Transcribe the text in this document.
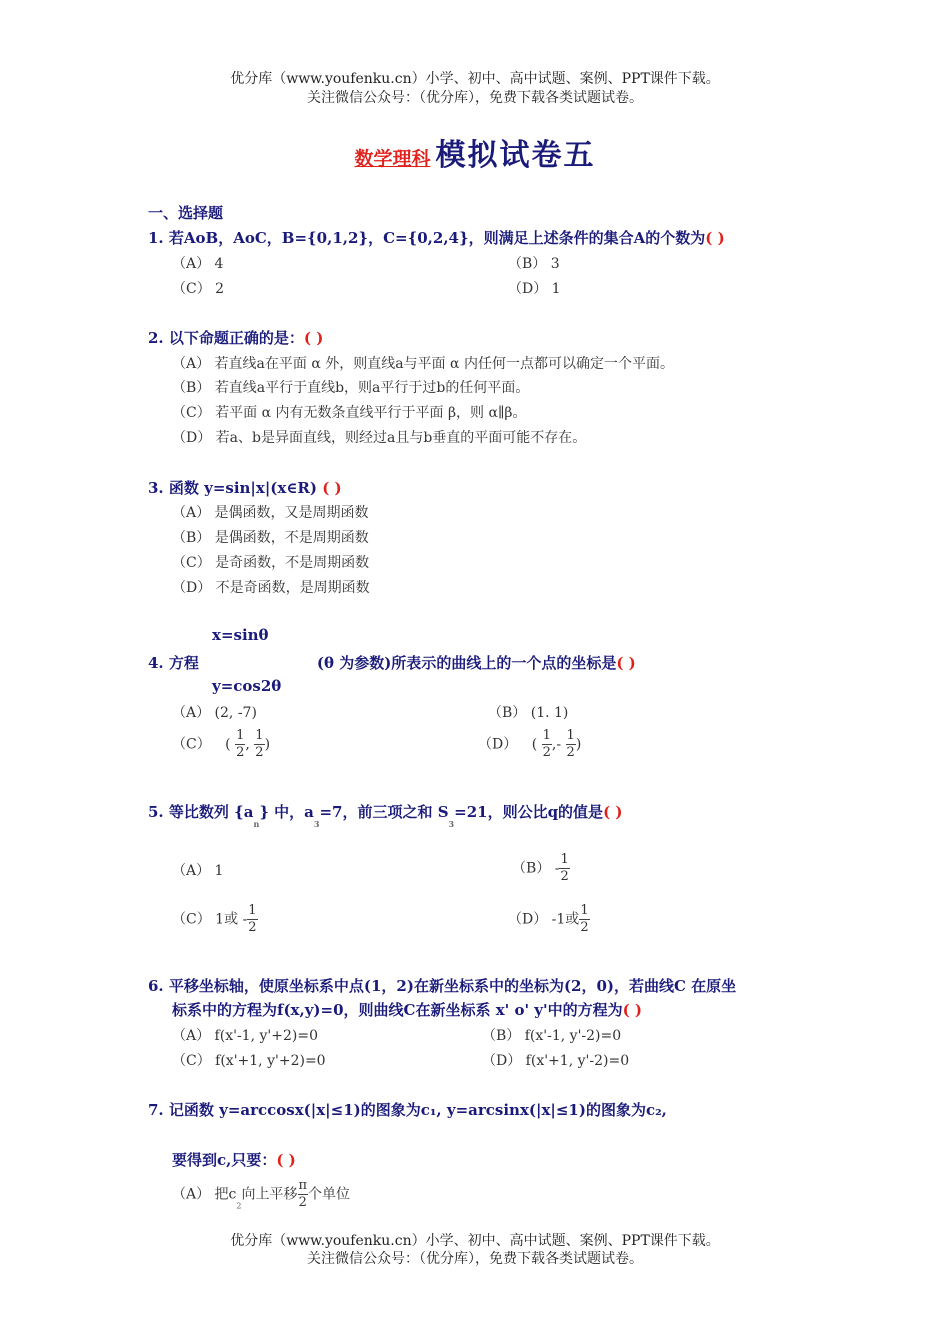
优分库（www.youfenku.cn）小学、初中、高中试题、案例、PPT课件下载。
关注微信公众号：（优分库），免费下载各类试题试卷。
数学理科 模拟试卷五
一、选择题
1. 若AoB，AoC，B={0,1,2}，C={0,2,4}，则满足上述条件的集合A的个数为( )
（A） 4	（B） 3
（C） 2	（D） 1
2. 以下命题正确的是：( )
（A） 若直线a在平面 α 外，则直线a与平面 α 内任何一点都可以确定一个平面。
（B） 若直线a平行于直线b，则a平行于过b的任何平面。
（C） 若平面 α 内有无数条直线平行于平面 β，则 α∥β。
（D） 若a、b是异面直线，则经过a且与b垂直的平面可能不存在。
3. 函数 y=sin|x|(x∈R) ( )
（A） 是偶函数，又是周期函数
（B） 是偶函数，不是周期函数
（C） 是奇函数，不是周期函数
（D） 不是奇函数，是周期函数
x=sinθ
4. 方程	(θ 为参数)所表示的曲线上的一个点的坐标是( )
y=cos2θ
（A） (2, -7)	（B） (1. 1)
（C） ( $\frac{1}{2}$ , $\frac{1}{2}$ )	（D） ( $\frac{1}{2}$ ,- $\frac{1}{2}$ )
5. 等比数列 $\{a_n\}$ 中，$a_3=7$，前三项之和 $S_3=21$，则公比q的值是( )
（A） 1	$(B) - \frac{1}{2}$
（C） 1或 - $\frac{1}{2}$	（D） -1或 $\frac{1}{2}$
6. 平移坐标轴，使原坐标系中点(1，2)在新坐标系中的坐标为(2，0)，若曲线C 在原坐
标系中的方程为f(x,y)=0，则曲线C在新坐标系 x' o' y'中的方程为( )
（A） f(x'-1, y'+2)=0	（B） f(x'-1, y'-2)=0
（C） f(x'+1, y'+2)=0	（D） f(x'+1, y'-2)=0
7. 记函数 y=arccosx(|x|≤1)的图象为c₁, y=arcsinx(|x|≤1)的图象为c₂,
要得到c,只要：( )
（A） 把$c_2$向上平移 $\frac{\pi}{2}$ 个单位
优分库（www.youfenku.cn）小学、初中、高中试题、案例、PPT课件下载。
关注微信公众号：（优分库），免费下载各类试题试卷。
